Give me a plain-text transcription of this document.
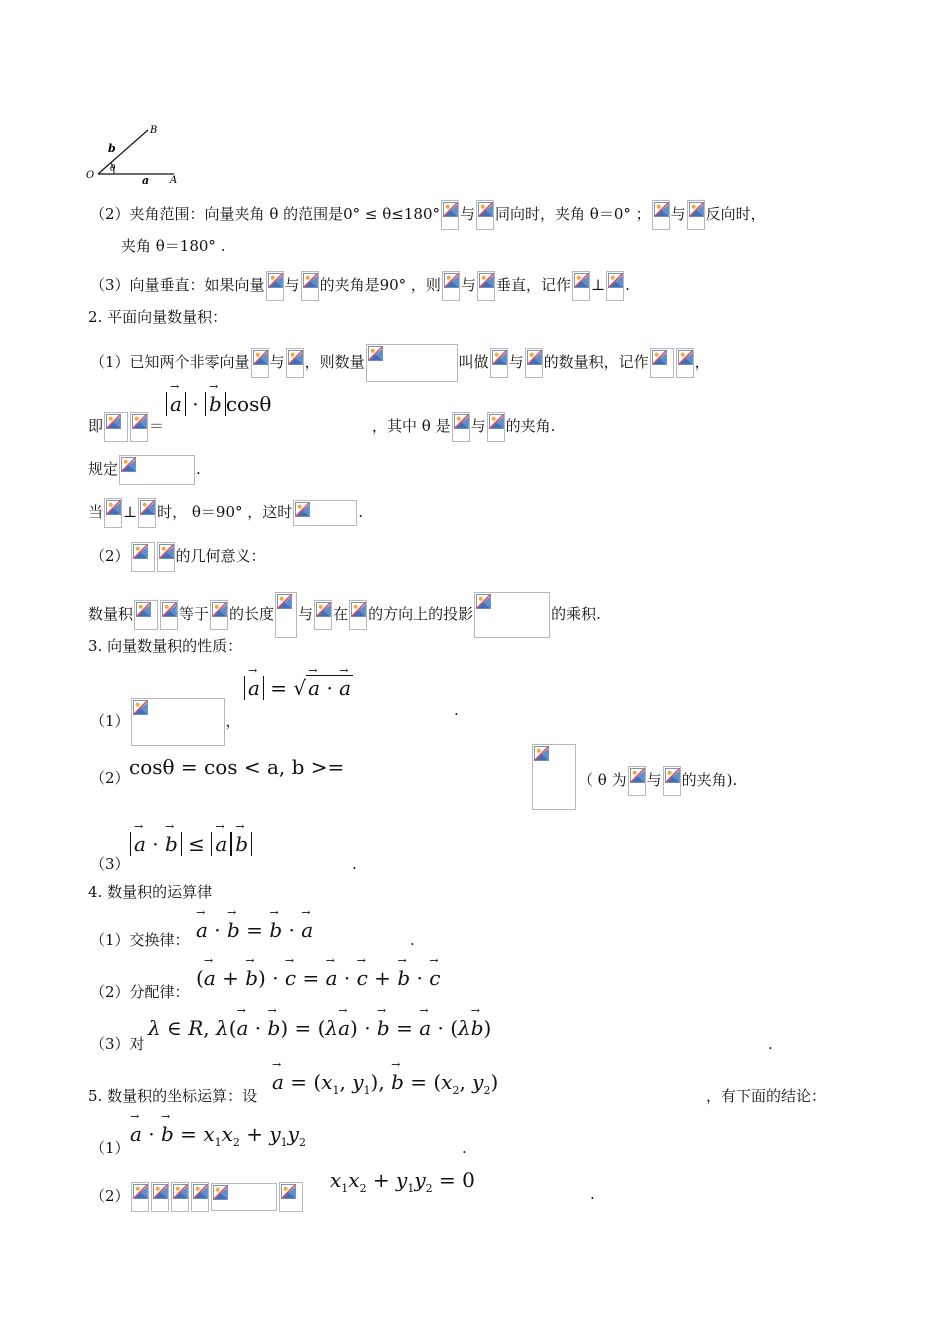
b
B
O
θ
a A
（2）夹角范围：向量夹角 θ 的范围是0° ≤ θ≤180° 与 同向时，夹角 θ＝0° ； 与 反向时，
夹角 θ＝180° .
（3）向量垂直：如果向量 与 的夹角是90° ，则 与 垂直，记作 ⊥ .
2. 平面向量数量积：
（1）已知两个非零向量 与 ，则数量	叫做 与 的数量积，记作	，
即	＝
→ a · → b cosθ
，其中 θ 是 与 的夹角.
规定	.
当 ⊥ 时， θ＝90° ，这时	.
（2）	的几何意义：
数量积	等于 的长度 与 在 的方向上的投影	的乘积.
3. 向量数量积的性质：
（1）	，
→ a = √ → a · → a
.
（2） cosθ = cos < a, b >=
（ θ 为 与 的夹角).
（3）
→ a · → b ≤ → a → b
.
4. 数量积的运算律
（1）交换律： → a · → b = → b · → a	.
（2）分配律：
(→ a + → b) · → c = → a · → c + → b · → c
（3）对
λ ∈ R, λ(→ a · → b) = (λ→ a) · → b = → a · (λ→ b)
.
5. 数量积的坐标运算：设
→ $a = (x_1$, $y_1$), → $b = (x_2$, $y_2$)
，有下面的结论：
（1）
→ a · → $b = x_1x_2 + y_1y_2$	.
（2）
$x_1x_2 + y_1y_2 = 0$
.
